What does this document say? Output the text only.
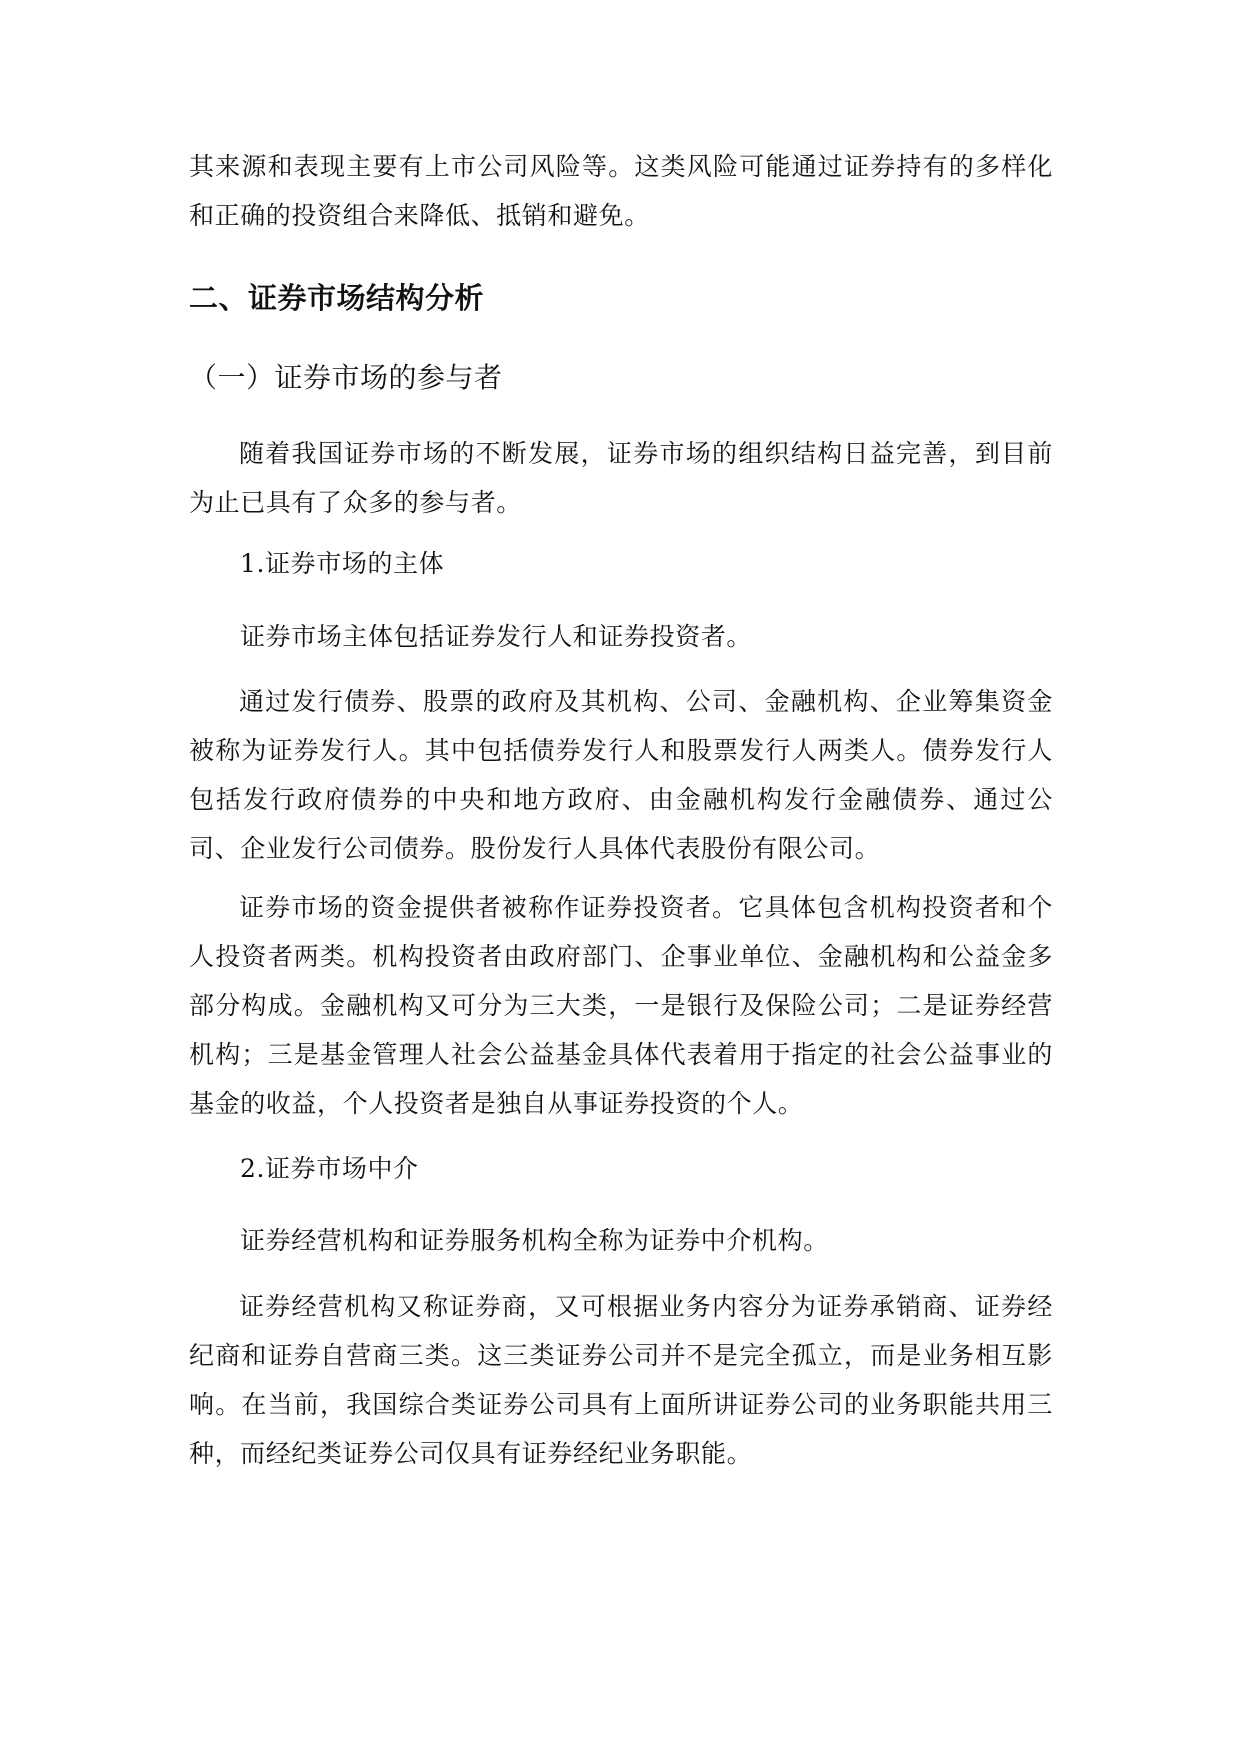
其来源和表现主要有上市公司风险等。这类风险可能通过证券持有的多样化和正确的投资组合来降低、抵销和避免。

二、证券市场结构分析
（一）证券市场的参与者

随着我国证券市场的不断发展，证券市场的组织结构日益完善，到目前为止已具有了众多的参与者。

1.证券市场的主体

证券市场主体包括证券发行人和证券投资者。

通过发行债券、股票的政府及其机构、公司、金融机构、企业筹集资金被称为证券发行人。其中包括债券发行人和股票发行人两类人。债券发行人包括发行政府债券的中央和地方政府、由金融机构发行金融债券、通过公司、企业发行公司债券。股份发行人具体代表股份有限公司。

证券市场的资金提供者被称作证券投资者。它具体包含机构投资者和个人投资者两类。机构投资者由政府部门、企事业单位、金融机构和公益金多部分构成。金融机构又可分为三大类，一是银行及保险公司；二是证券经营机构；三是基金管理人社会公益基金具体代表着用于指定的社会公益事业的基金的收益，个人投资者是独自从事证券投资的个人。

2.证券市场中介

证券经营机构和证券服务机构全称为证券中介机构。

证券经营机构又称证券商，又可根据业务内容分为证券承销商、证券经纪商和证券自营商三类。这三类证券公司并不是完全孤立，而是业务相互影响。在当前，我国综合类证券公司具有上面所讲证券公司的业务职能共用三种，而经纪类证券公司仅具有证券经纪业务职能。
